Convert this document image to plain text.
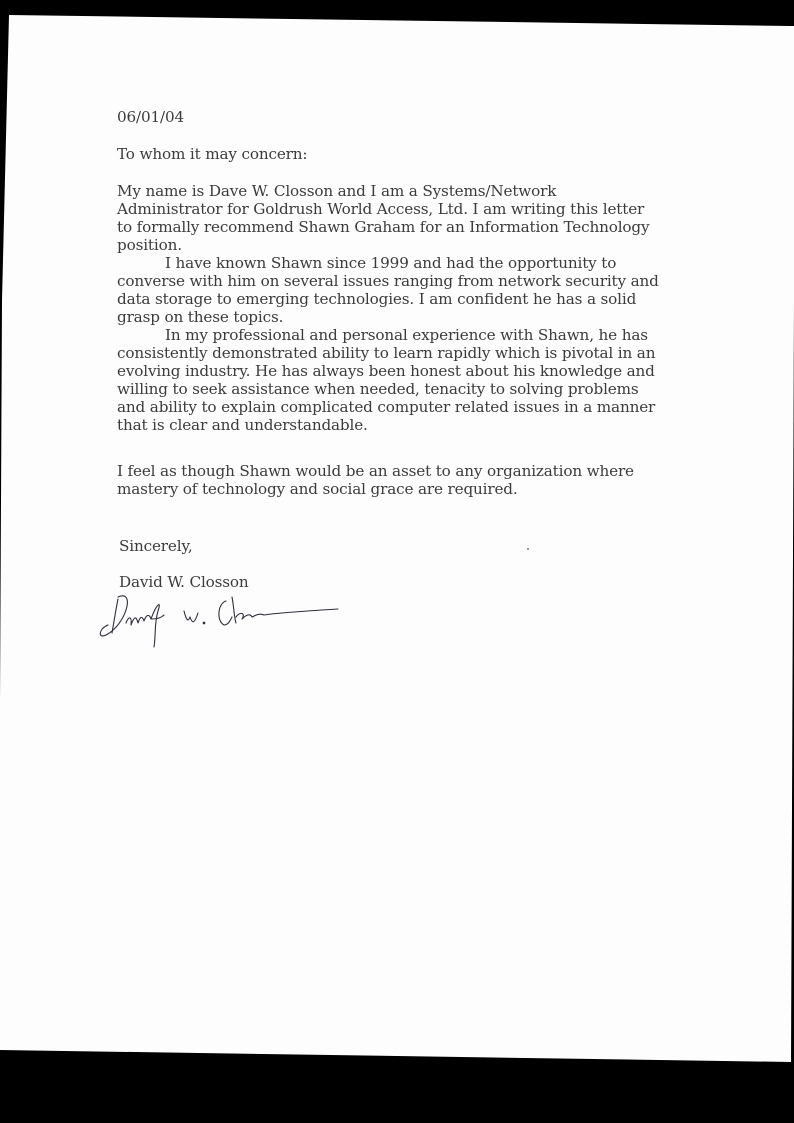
06/01/04
To whom it may concern:
My name is Dave W. Closson and I am a Systems/Network
Administrator for Goldrush World Access, Ltd. I am writing this letter
to formally recommend Shawn Graham for an Information Technology
position.
I have known Shawn since 1999 and had the opportunity to
converse with him on several issues ranging from network security and
data storage to emerging technologies. I am confident he has a solid
grasp on these topics.
In my professional and personal experience with Shawn, he has
consistently demonstrated ability to learn rapidly which is pivotal in an
evolving industry. He has always been honest about his knowledge and
willing to seek assistance when needed, tenacity to solving problems
and ability to explain complicated computer related issues in a manner
that is clear and understandable.
I feel as though Shawn would be an asset to any organization where
mastery of technology and social grace are required.
Sincerely,
David W. Closson
